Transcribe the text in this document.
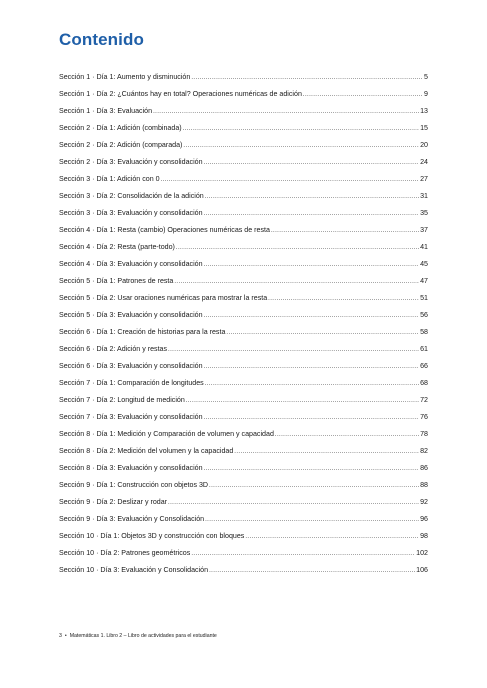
Contenido
Sección 1 · Día 1: Aumento y disminución .....	5
Sección 1 · Día 2: ¿Cuántos hay en total? Operaciones numéricas de adición .....	9
Sección 1 · Día 3: Evaluación .....	13
Sección 2 · Día 1: Adición (combinada) .....	15
Sección 2 · Día 2: Adición (comparada) .....	20
Sección 2 · Día 3: Evaluación y consolidación .....	24
Sección 3 · Día 1: Adición con 0 .....	27
Sección 3 · Día 2: Consolidación de la adición .....	31
Sección 3 · Día 3: Evaluación y consolidación .....	35
Sección 4 · Día 1: Resta (cambio) Operaciones numéricas de resta .....	37
Sección 4 · Día 2: Resta (parte-todo) .....	41
Sección 4 · Día 3: Evaluación y consolidación .....	45
Sección 5 · Día 1: Patrones de resta .....	47
Sección 5 · Día 2: Usar oraciones numéricas para mostrar la resta .....	51
Sección 5 · Día 3: Evaluación y consolidación .....	56
Sección 6 · Día 1: Creación de historias para la resta .....	58
Sección 6 · Día 2: Adición y restas .....	61
Sección 6 · Día 3: Evaluación y consolidación .....	66
Sección 7 · Día 1: Comparación de longitudes .....	68
Sección 7 · Día 2: Longitud de medición .....	72
Sección 7 · Día 3: Evaluación y consolidación .....	76
Sección 8 · Día 1: Medición y Comparación de volumen y capacidad .....	78
Sección 8 · Día 2: Medición del volumen y la capacidad .....	82
Sección 8 · Día 3: Evaluación y consolidación .....	86
Sección 9 · Día 1: Construcción con objetos 3D .....	88
Sección 9 · Día 2: Deslizar y rodar .....	92
Sección 9 · Día 3: Evaluación y Consolidación .....	96
Sección 10 · Día 1: Objetos 3D y construcción con bloques .....	98
Sección 10 · Día 2: Patrones geométricos .....	102
Sección 10 · Día 3: Evaluación y Consolidación .....	106
3 • Matemáticas 1. Libro 2 – Libro de actividades para el estudiante
